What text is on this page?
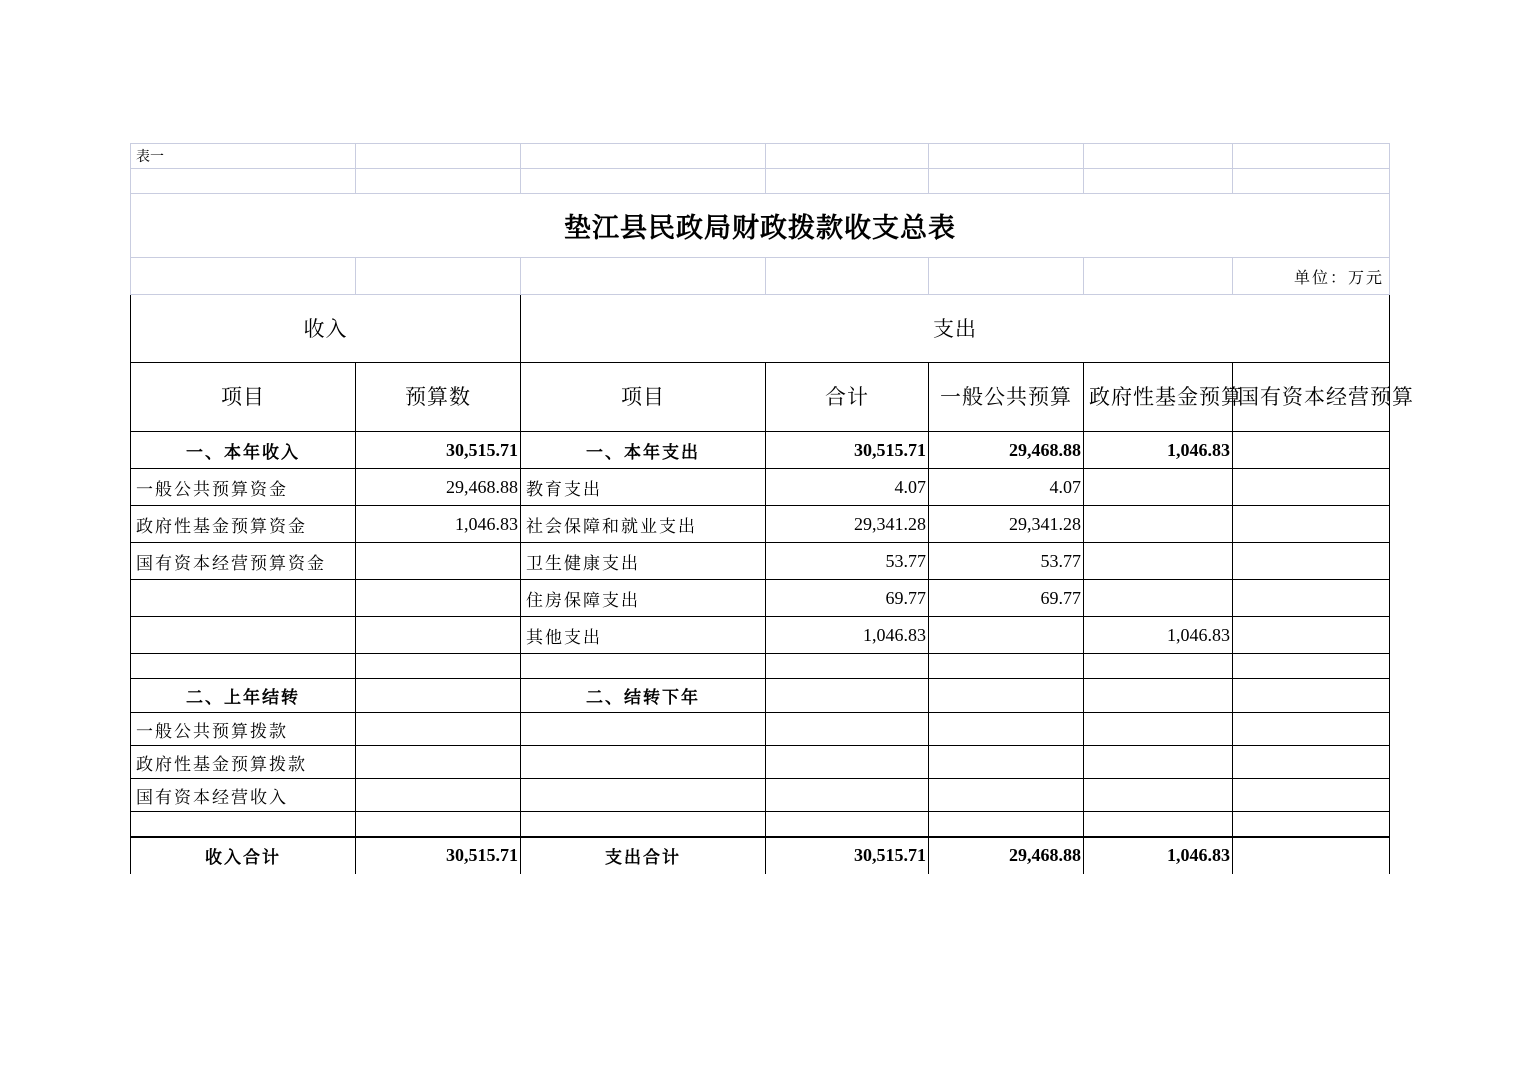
表一						

垫江县民政局财政拨款收支总表						
						单位：万元
收入		支出				
项目	预算数	项目	合计	一般公共预算	政府性基金预算	国有资本经营预算
一、本年收入	30,515.71	一、本年支出	30,515.71	29,468.88	1,046.83	
一般公共预算资金	29,468.88	教育支出	4.07	4.07		
政府性基金预算资金	1,046.83	社会保障和就业支出	29,341.28	29,341.28		
国有资本经营预算资金		卫生健康支出	53.77	53.77		
		住房保障支出	69.77	69.77		
		其他支出	1,046.83		1,046.83	

二、上年结转		二、结转下年				
一般公共预算拨款						
政府性基金预算拨款						
国有资本经营收入						

收入合计	30,515.71	支出合计	30,515.71	29,468.88	1,046.83	
